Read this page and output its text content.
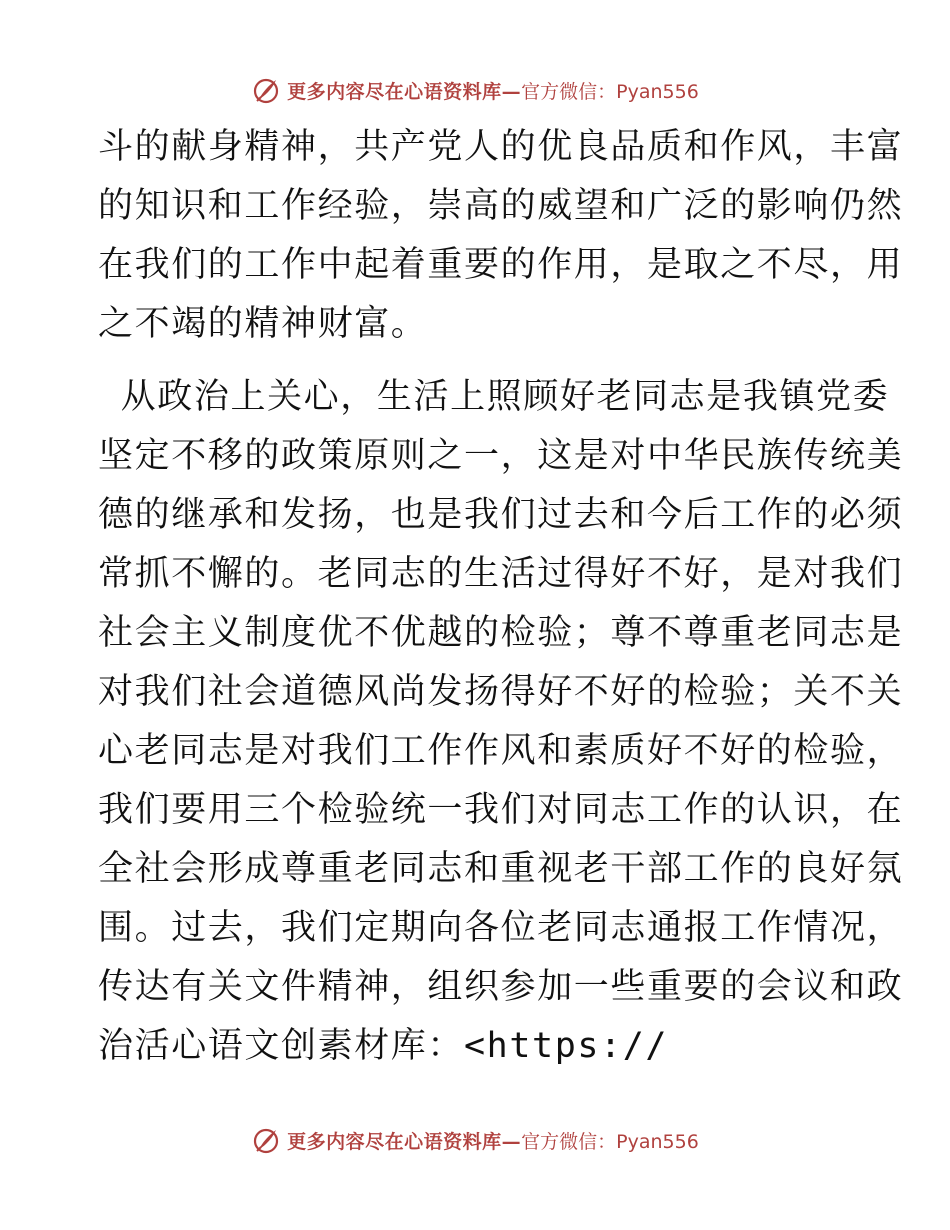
更多内容尽在心语资料库— 官方微信：Pyan556

斗的献身精神，共产党人的优良品质和作风，丰富
的知识和工作经验，崇高的威望和广泛的影响仍然
在我们的工作中起着重要的作用，是取之不尽，用
之不竭的精神财富。

从政治上关心，生活上照顾好老同志是我镇党委
坚定不移的政策原则之一，这是对中华民族传统美
德的继承和发扬，也是我们过去和今后工作的必须
常抓不懈的。老同志的生活过得好不好，是对我们
社会主义制度优不优越的检验；尊不尊重老同志是
对我们社会道德风尚发扬得好不好的检验；关不关
心老同志是对我们工作作风和素质好不好的检验，
我们要用三个检验统一我们对同志工作的认识，在
全社会形成尊重老同志和重视老干部工作的良好氛
围。过去，我们定期向各位老同志通报工作情况，
传达有关文件精神，组织参加一些重要的会议和政
治活心语文创素材库：<https://

更多内容尽在心语资料库— 官方微信：Pyan556
